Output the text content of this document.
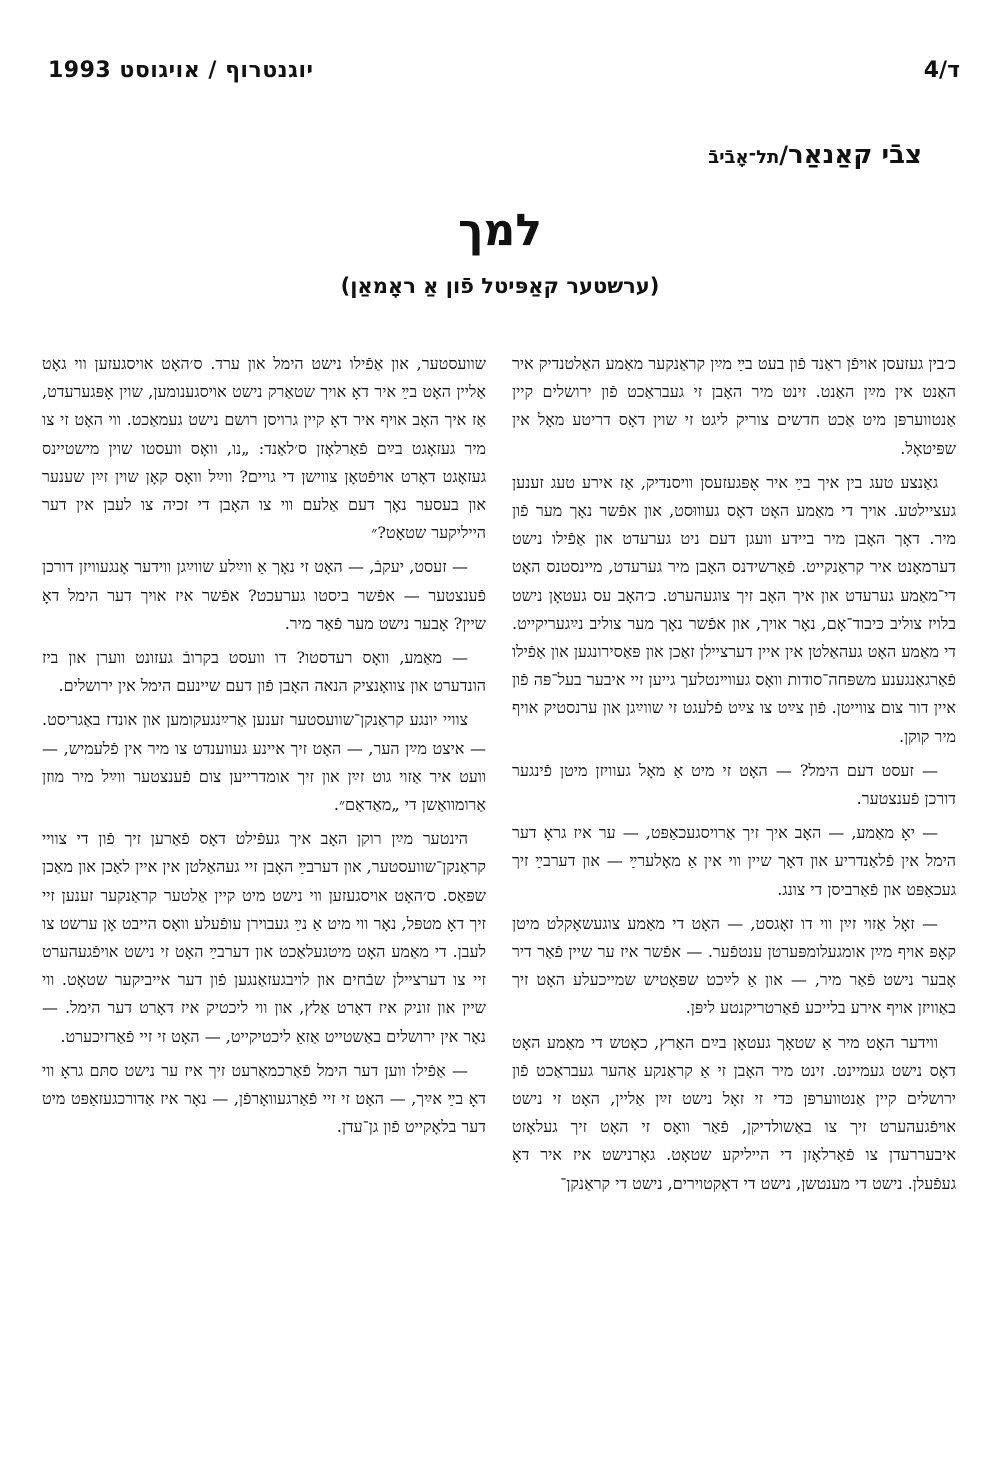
יוגנטרוף / אויגוסט 1993	ד/4
צבֿי קאַנאַר/תל־אָבֿיבֿ
למך
(ערשטער קאַפּיטל פֿון אַ ראָמאַן)

כ׳בין געזעסן אויפֿן ראַנד פֿון בעט בײַ מײַן קראַנקער מאַמע האַלטנדיק איר האַנט אין מײַן האַנט. זינט מיר האָבן זי געבראַכט פֿון ירושלים קיין אַנטווערפּן מיט אַכט חדשים צוריק ליגט זי שוין דאָס דריטע מאָל אין שפּיטאָל.

גאַנצע טעג בין איך בײַ איר אָפּגעזעסן וויסנדיק, אַז אירע טעג זענען געציילטע. אויך די מאַמע האָט דאָס געוווּסט, און אפֿשר נאָך מער פֿון מיר. דאָך האָבן מיר ביידע וועגן דעם ניט גערעדט און אַפֿילו נישט דערמאָנט איר קראַנקייט. פֿאַרשידנס האָבן מיר גערעדט, מיינסטנס האָט די־מאַמע גערעדט און איך האָב זיך צוגעהערט. כ׳האָב עס געטאָן נישט בלויז צוליב כּיבוד־אָם, נאָר אויך, און אפֿשר נאָך מער צוליב נײַגעריקייט. די מאַמע האָט געהאַלטן אין איין דערציילן זאַכן און פּאַסירונגען און אַפֿילו פֿאַרגאַנגענע משפּחה־סודות וואָס געווײנטלעך גייען זיי איבער בעל־פּה פֿון איין דור צום צווייטן. פֿון צײַט צו צײַט פֿלעגט זי שווײַגן און ערנסטיק אויף מיר קוקן.

— זעסט דעם הימל? — האָט זי מיט אַ מאָל געוויזן מיטן פֿינגער דורכן פֿענצטער.

— יאָ מאַמע, — האָב איך זיך אַרויסגעכאַפּט, — ער איז גראָ דער הימל אין פֿלאַנדריע און דאָך שיין ווי אין אַ מאָלערײַ — און דערבײַ זיך געכאַפּט און פֿאַרביסן די צונג.

— זאָל אַזוי זײַן ווי דו זאָגסט, — האָט די מאַמע צוגעשאָקלט מיטן קאָפּ אויף מײַן אומגעלומפּערטן ענטפֿער. — אפֿשר איז ער שיין פֿאַר דיר אָבער נישט פֿאַר מיר, — און אַ לײַכט שפּאָטיש שמייכעלע האָט זיך באַוויזן אויף אירע בלייכע פֿאַרטריקנטע ליפּן.

ווידער האָט מיר אַ שטאָך געטאָן בײַם האַרץ, כאָטש די מאַמע האָט דאָס נישט געמיינט. זינט מיר האָבן זי אַ קראַנקע אַהער געבראַכט פֿון ירושלים קיין אַנטווערפּן כּדי זי זאָל נישט זײַן אַליין, האָט זי נישט אויפֿגעהערט זיך צו באַשולדיקן, פֿאַר וואָס זי האָט זיך געלאָזט איבעררעדן צו פֿאַרלאָזן די הייליקע שטאָט. גאָרנישט איז איר דאָ געפֿעלן. נישט די מענטשן, נישט די דאָקטוירים, נישט די קראַנקן־

שוועסטער, און אַפֿילו נישט הימל און ערד. ס׳האָט אויסגעזען ווי גאָט אַליין האָט בײַ איר דאָ אויך שטאַרק נישט אויסגענומען, שוין אָפּגערעדט, אַז איך האָב אויף איר דאָ קיין גרויסן רושם נישט געמאַכט. ווי האָט זי צו מיר געזאָגט בײַם פֿאַרלאָזן ס׳לאַנד: „נו, וואָס וועסטו שוין מישטיינס געזאָגט דאָרט אויפֿטאָן צווישן די גויים? ווײַל וואָס קאָן שוין זײַן שענער און בעסער נאָך דעם אַלעם ווי צו האָבן די זכיה צו לעבן אין דער הייליקער שטאָט?״

— זעסט, יעקבֿ, — האָט זי נאָך אַ ווײַלע שווײַגן ווידער אָנגעוויזן דורכן פֿענצטער — אפֿשר ביסטו גערעכט? אפֿשר איז אויך דער הימל דאָ שיין? אָבער נישט מער פֿאַר מיר.

— מאַמע, וואָס רעדסטו? דו וועסט בקרובֿ געזונט ווערן און ביז הונדערט און צוואָנציק הנאה האָבן פֿון דעם שיינעם הימל אין ירושלים.

צוויי יונגע קראַנקן־שוועסטער זענען אַרײַנגעקומען און אונדז באַגריסט. — איצט מײַן הער, — האָט זיך איינע געווענדט צו מיר אין פֿלעמיש, — וועט איר אַזוי גוט זײַן און זיך אומדרייען צום פֿענצטער ווײַל מיר מוזן אַרומוואַשן די „מאַדאַם״.

הינטער מײַן רוקן האָב איך געפֿילט דאָס פֿאַרען זיך פֿון די צוויי קראַנקן־שוועסטער, און דערבײַ האָבן זיי געהאַלטן אין איין לאַכן און מאַכן שפּאַס. ס׳האָט אויסגעזען ווי נישט מיט קיין אַלטער קראַנקער זענען זיי זיך דאָ מטפּל, נאָר ווי מיט אַ נײַ געבוירן עופֿעלע וואָס הייבט אָן ערשט צו לעבן. די מאַמע האָט מיטגעלאַכט און דערבײַ האָט זי נישט אויפֿגעהערט זיי צו דערציילן שבֿחים און לויבגעזאַנגען פֿון דער אייביקער שטאָט. ווי שיין און זוניק איז דאָרט אַלץ, און ווי ליכטיק איז דאָרט דער הימל. — נאָר אין ירושלים באַשטייט אַזאַ ליכטיקייט, — האָט זי זיי פֿאַרזיכערט.

— אַפֿילו ווען דער הימל פֿאַרכמאַרעט זיך איז ער נישט סתּם גראָ ווי דאָ בײַ אײַך, — האָט זי זיי פֿאַרגעוואָרפֿן, — נאָר איז אַדורכגעזאַפּט מיט דער בלאָקייט פֿון גן־עדן.
